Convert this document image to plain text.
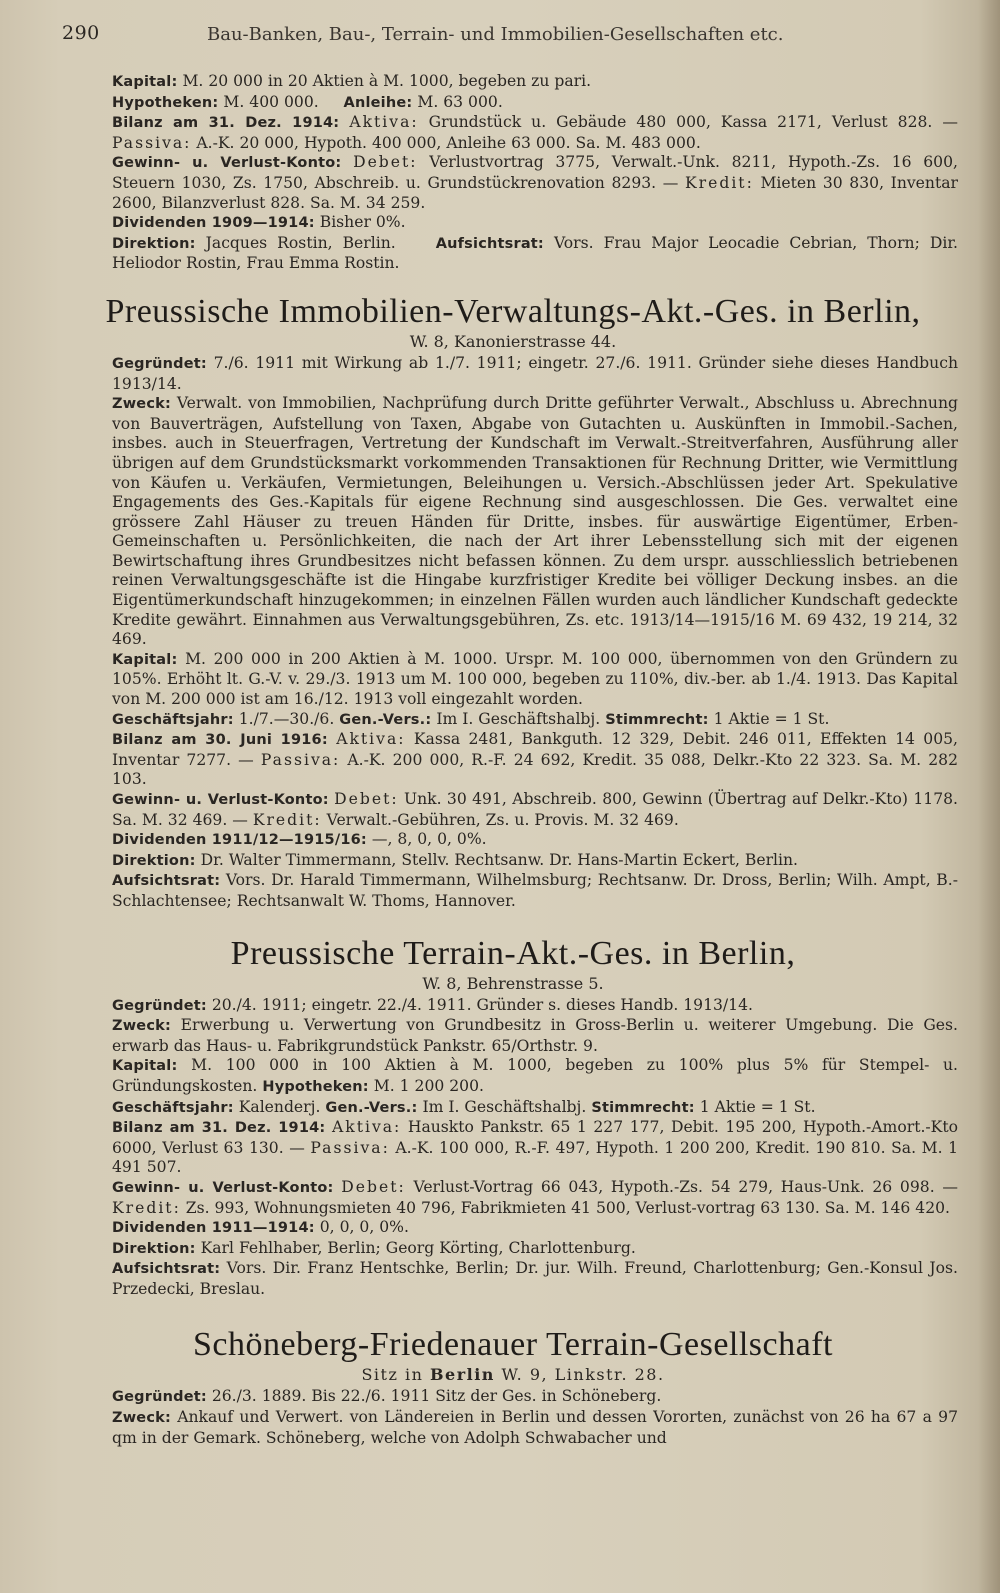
290	Bau-Banken, Bau-, Terrain- und Immobilien-Gesellschaften etc.

Kapital: M. 20 000 in 20 Aktien à M. 1000, begeben zu pari.

Hypotheken: M. 400 000. Anleihe: M. 63 000.

Bilanz am 31. Dez. 1914: Aktiva: Grundstück u. Gebäude 480 000, Kassa 2171, Verlust 828. — Passiva: A.-K. 20 000, Hypoth. 400 000, Anleihe 63 000. Sa. M. 483 000.

Gewinn- u. Verlust-Konto: Debet: Verlustvortrag 3775, Verwalt.-Unk. 8211, Hypoth.-Zs. 16 600, Steuern 1030, Zs. 1750, Abschreib. u. Grundstückrenovation 8293. — Kredit: Mieten 30 830, Inventar 2600, Bilanzverlust 828. Sa. M. 34 259.

Dividenden 1909—1914: Bisher 0%.

Direktion: Jacques Rostin, Berlin.	Aufsichtsrat: Vors. Frau Major Leocadie Cebrian, Thorn; Dir. Heliodor Rostin, Frau Emma Rostin.

Preussische Immobilien-Verwaltungs-Akt.-Ges. in Berlin,

W. 8, Kanonierstrasse 44.

Gegründet: 7./6. 1911 mit Wirkung ab 1./7. 1911; eingetr. 27./6. 1911. Gründer siehe dieses Handbuch 1913/14.

Zweck: Verwalt. von Immobilien, Nachprüfung durch Dritte geführter Verwalt., Abschluss u. Abrechnung von Bauverträgen, Aufstellung von Taxen, Abgabe von Gutachten u. Auskünften in Immobil.-Sachen, insbes. auch in Steuerfragen, Vertretung der Kundschaft im Verwalt.-Streitverfahren, Ausführung aller übrigen auf dem Grundstücksmarkt vorkommenden Transaktionen für Rechnung Dritter, wie Vermittlung von Käufen u. Verkäufen, Vermietungen, Beleihungen u. Versich.-Abschlüssen jeder Art. Spekulative Engagements des Ges.-Kapitals für eigene Rechnung sind ausgeschlossen. Die Ges. verwaltet eine grössere Zahl Häuser zu treuen Händen für Dritte, insbes. für auswärtige Eigentümer, Erben-Gemeinschaften u. Persönlichkeiten, die nach der Art ihrer Lebensstellung sich mit der eigenen Bewirtschaftung ihres Grundbesitzes nicht befassen können. Zu dem urspr. ausschliesslich betriebenen reinen Verwaltungsgeschäfte ist die Hingabe kurzfristiger Kredite bei völliger Deckung insbes. an die Eigentümerkundschaft hinzugekommen; in einzelnen Fällen wurden auch ländlicher Kundschaft gedeckte Kredite gewährt. Einnahmen aus Verwaltungsgebühren, Zs. etc. 1913/14—1915/16 M. 69 432, 19 214, 32 469.

Kapital: M. 200 000 in 200 Aktien à M. 1000. Urspr. M. 100 000, übernommen von den Gründern zu 105%. Erhöht lt. G.-V. v. 29./3. 1913 um M. 100 000, begeben zu 110%, div.-ber. ab 1./4. 1913. Das Kapital von M. 200 000 ist am 16./12. 1913 voll eingezahlt worden.

Geschäftsjahr: 1./7.—30./6. Gen.-Vers.: Im I. Geschäftshalbj. Stimmrecht: 1 Aktie = 1 St.

Bilanz am 30. Juni 1916: Aktiva: Kassa 2481, Bankguth. 12 329, Debit. 246 011, Effekten 14 005, Inventar 7277. — Passiva: A.-K. 200 000, R.-F. 24 692, Kredit. 35 088, Delkr.-Kto 22 323. Sa. M. 282 103.

Gewinn- u. Verlust-Konto: Debet: Unk. 30 491, Abschreib. 800, Gewinn (Übertrag auf Delkr.-Kto) 1178. Sa. M. 32 469. — Kredit: Verwalt.-Gebühren, Zs. u. Provis. M. 32 469.

Dividenden 1911/12—1915/16: —, 8, 0, 0, 0%.

Direktion: Dr. Walter Timmermann, Stellv. Rechtsanw. Dr. Hans-Martin Eckert, Berlin.

Aufsichtsrat: Vors. Dr. Harald Timmermann, Wilhelmsburg; Rechtsanw. Dr. Dross, Berlin; Wilh. Ampt, B.-Schlachtensee; Rechtsanwalt W. Thoms, Hannover.

Preussische Terrain-Akt.-Ges. in Berlin,

W. 8, Behrenstrasse 5.

Gegründet: 20./4. 1911; eingetr. 22./4. 1911. Gründer s. dieses Handb. 1913/14.

Zweck: Erwerbung u. Verwertung von Grundbesitz in Gross-Berlin u. weiterer Umgebung. Die Ges. erwarb das Haus- u. Fabrikgrundstück Pankstr. 65/Orthstr. 9.

Kapital: M. 100 000 in 100 Aktien à M. 1000, begeben zu 100% plus 5% für Stempel- u. Gründungskosten. Hypotheken: M. 1 200 200.

Geschäftsjahr: Kalenderj. Gen.-Vers.: Im I. Geschäftshalbj. Stimmrecht: 1 Aktie = 1 St.

Bilanz am 31. Dez. 1914: Aktiva: Hauskto Pankstr. 65 1 227 177, Debit. 195 200, Hypoth.-Amort.-Kto 6000, Verlust 63 130. — Passiva: A.-K. 100 000, R.-F. 497, Hypoth. 1 200 200, Kredit. 190 810. Sa. M. 1 491 507.

Gewinn- u. Verlust-Konto: Debet: Verlust-Vortrag 66 043, Hypoth.-Zs. 54 279, Haus-Unk. 26 098. — Kredit: Zs. 993, Wohnungsmieten 40 796, Fabrikmieten 41 500, Verlust-vortrag 63 130. Sa. M. 146 420.

Dividenden 1911—1914: 0, 0, 0, 0%.

Direktion: Karl Fehlhaber, Berlin; Georg Körting, Charlottenburg.

Aufsichtsrat: Vors. Dir. Franz Hentschke, Berlin; Dr. jur. Wilh. Freund, Charlottenburg; Gen.-Konsul Jos. Przedecki, Breslau.

Schöneberg-Friedenauer Terrain-Gesellschaft

Sitz in Berlin W. 9, Linkstr. 28.

Gegründet: 26./3. 1889. Bis 22./6. 1911 Sitz der Ges. in Schöneberg.

Zweck: Ankauf und Verwert. von Ländereien in Berlin und dessen Vororten, zunächst von 26 ha 67 a 97 qm in der Gemark. Schöneberg, welche von Adolph Schwabacher und
